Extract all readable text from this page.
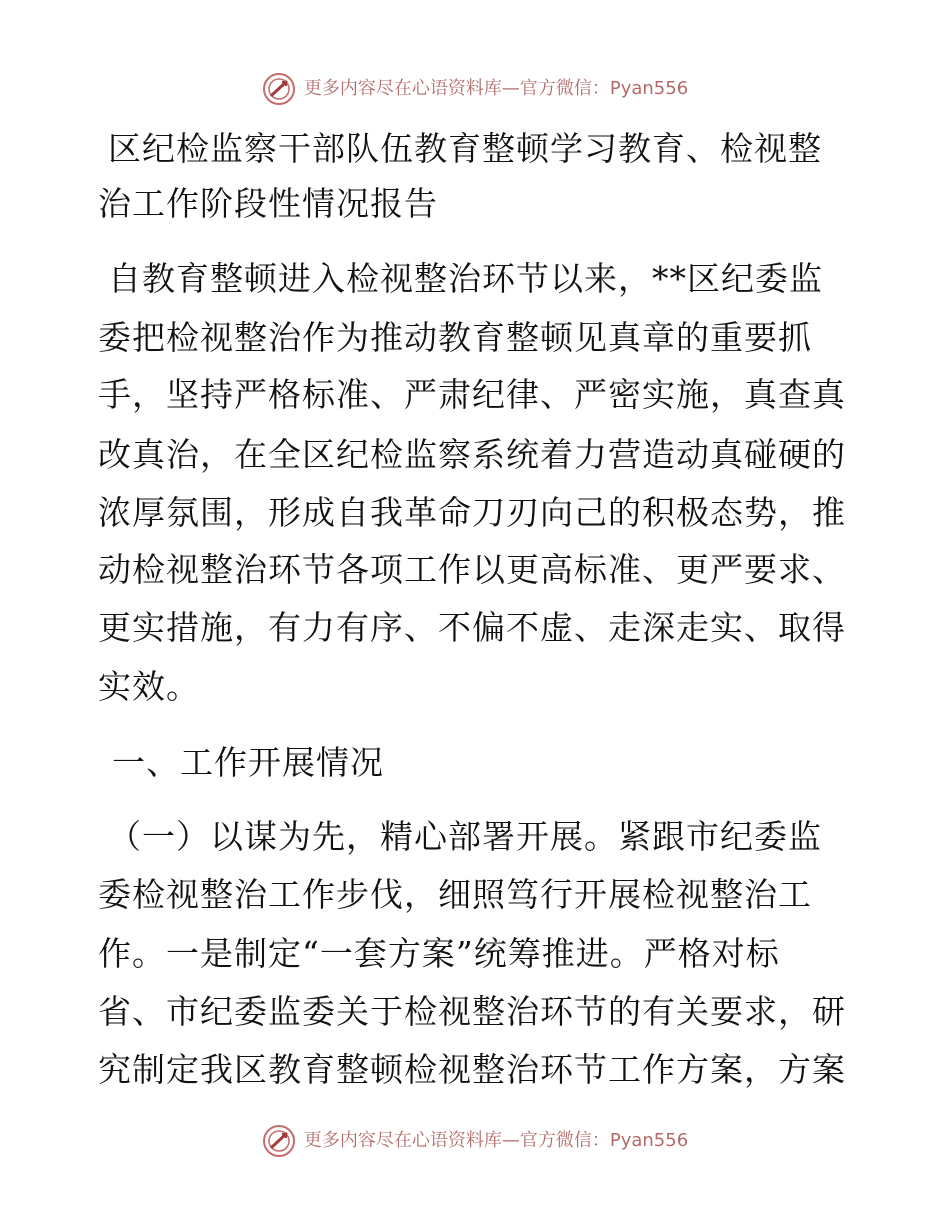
更多内容尽在心语资料库—官方微信：Pyan556
区纪检监察干部队伍教育整顿学习教育、检视整
治工作阶段性情况报告
自教育整顿进入检视整治环节以来，**区纪委监
委把检视整治作为推动教育整顿见真章的重要抓
手，坚持严格标准、严肃纪律、严密实施，真查真
改真治，在全区纪检监察系统着力营造动真碰硬的
浓厚氛围，形成自我革命刀刃向己的积极态势，推
动检视整治环节各项工作以更高标准、更严要求、
更实措施，有力有序、不偏不虚、走深走实、取得
实效。
一、工作开展情况
（一）以谋为先，精心部署开展。紧跟市纪委监
委检视整治工作步伐，细照笃行开展检视整治工
作。一是制定“一套方案”统筹推进。严格对标
省、市纪委监委关于检视整治环节的有关要求，研
究制定我区教育整顿检视整治环节工作方案，方案
更多内容尽在心语资料库—官方微信：Pyan556
